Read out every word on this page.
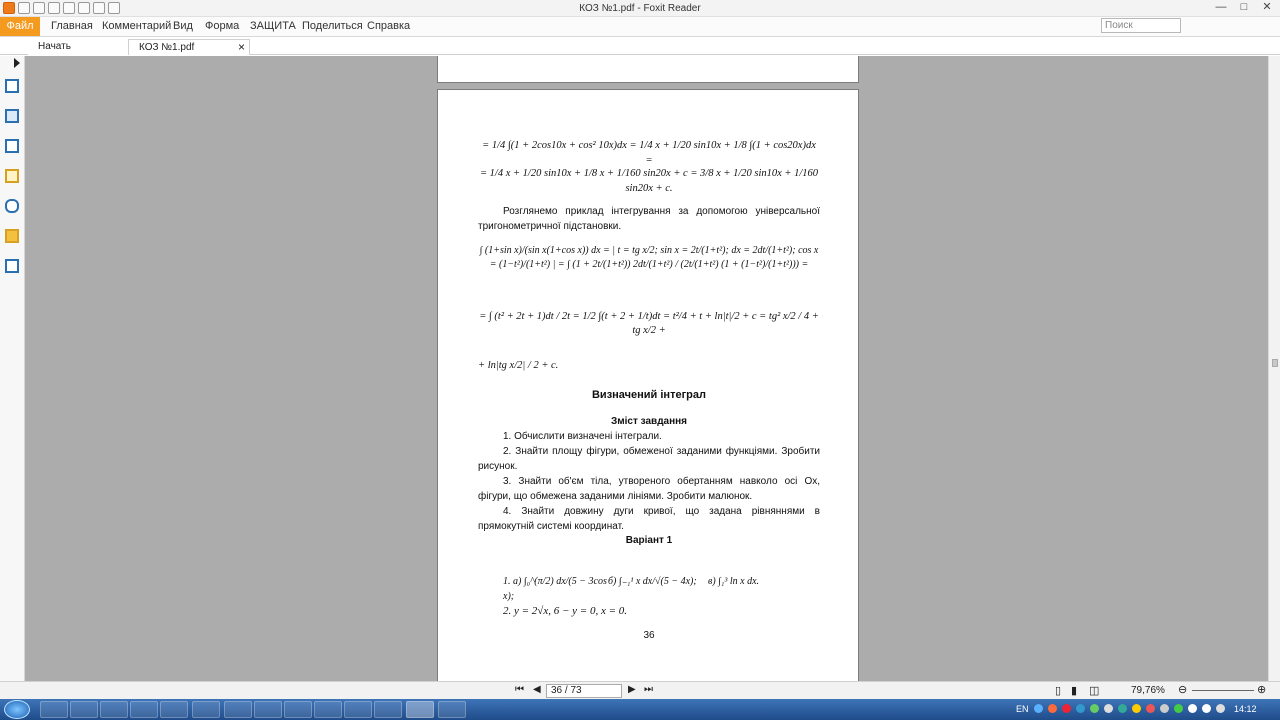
КОЗ №1.pdf - Foxit Reader	—	□	✕
Файл	Главная Комментарий Вид Форма ЗАЩИТА Поделиться Справка	Поиск
Начать	КОЗ №1.pdf	×
= 1/4 ∫(1 + 2cos10x + cos² 10x)dx = 1/4 x + 1/20 sin10x + 1/8 ∫(1 + cos20x)dx =
= 1/4 x + 1/20 sin10x + 1/8 x + 1/160 sin20x + c = 3/8 x + 1/20 sin10x + 1/160 sin20x + c.
Розглянемо приклад інтегрування за допомогою універсальної тригонометричної підстановки.
∫ (1+sin x)/(sin x(1+cos x)) dx = | t = tg x/2; sin x = 2t/(1+t²); dx = 2dt/(1+t²); cos x = (1−t²)/(1+t²) | = ∫ (1 + 2t/(1+t²)) 2dt/(1+t²) / (2t/(1+t²) (1 + (1−t²)/(1+t²))) =
= ∫ (t² + 2t + 1)dt / 2t = 1/2 ∫(t + 2 + 1/t)dt = t²/4 + t + ln|t|/2 + c = tg² x/2 / 4 + tg x/2 +
+ ln|tg x/2| / 2 + c.
Визначений інтеграл
Зміст завдання
1. Обчислити визначені інтеграли.
2. Знайти площу фігури, обмеженої заданими функціями. Зробити рисунок.
3. Знайти об'єм тіла, утвореного обертанням навколо осі Ox, фігури, що обмежена заданими лініями. Зробити малюнок.
4. Знайти довжину дуги кривої, що задана рівняннями в прямокутній системі координат.
Варіант 1
1. а) ∫₀^(π/2) dx/(5 − 3cos x);
б) ∫₋₁¹ x dx/√(5 − 4x);	в) ∫₁³ ln x dx.
2. y = 2√x, 6 − y = 0, x = 0.
36
⏮ ◀	36 / 73	▶ ⏭	▯ ▮ ◫	79,76% ⊖	⊕
EN	14:12
